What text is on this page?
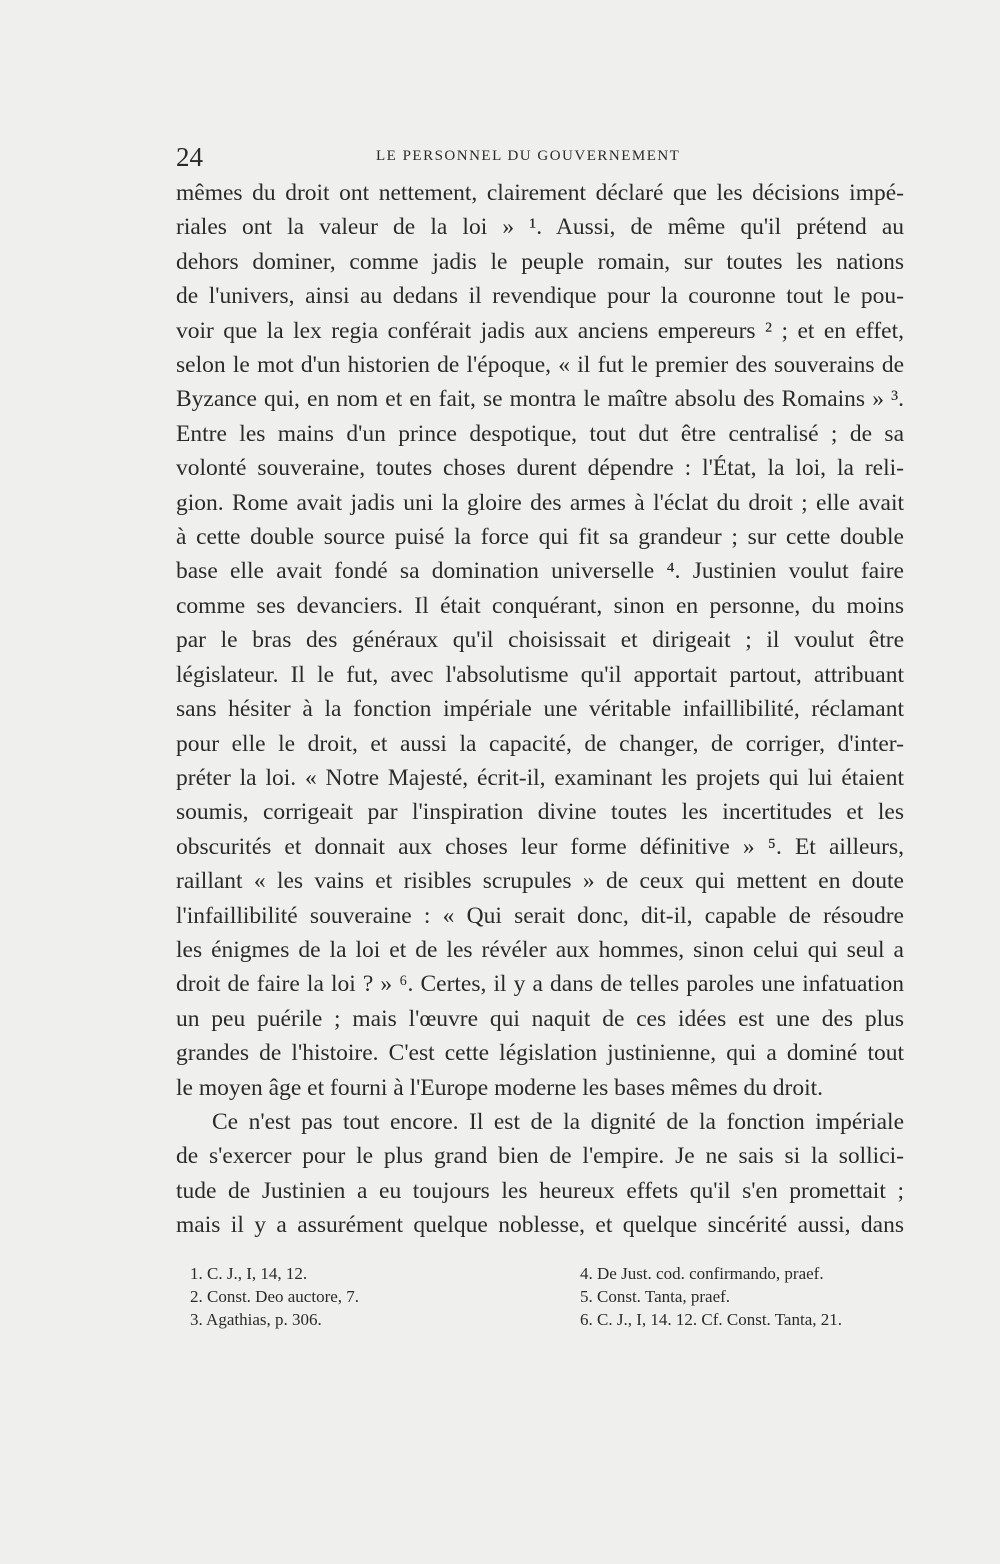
24	LE PERSONNEL DU GOUVERNEMENT

mêmes du droit ont nettement, clairement déclaré que les décisions impé-

riales ont la valeur de la loi » ¹. Aussi, de même qu'il prétend au

dehors dominer, comme jadis le peuple romain, sur toutes les nations

de l'univers, ainsi au dedans il revendique pour la couronne tout le pou-

voir que la lex regia conférait jadis aux anciens empereurs ² ; et en effet,

selon le mot d'un historien de l'époque, « il fut le premier des souverains de

Byzance qui, en nom et en fait, se montra le maître absolu des Romains » ³.

Entre les mains d'un prince despotique, tout dut être centralisé ; de sa

volonté souveraine, toutes choses durent dépendre : l'État, la loi, la reli-

gion. Rome avait jadis uni la gloire des armes à l'éclat du droit ; elle avait

à cette double source puisé la force qui fit sa grandeur ; sur cette double

base elle avait fondé sa domination universelle ⁴. Justinien voulut faire

comme ses devanciers. Il était conquérant, sinon en personne, du moins

par le bras des généraux qu'il choisissait et dirigeait ; il voulut être

législateur. Il le fut, avec l'absolutisme qu'il apportait partout, attribuant

sans hésiter à la fonction impériale une véritable infaillibilité, réclamant

pour elle le droit, et aussi la capacité, de changer, de corriger, d'inter-

préter la loi. « Notre Majesté, écrit-il, examinant les projets qui lui étaient

soumis, corrigeait par l'inspiration divine toutes les incertitudes et les

obscurités et donnait aux choses leur forme définitive » ⁵. Et ailleurs,

raillant « les vains et risibles scrupules » de ceux qui mettent en doute

l'infaillibilité souveraine : « Qui serait donc, dit-il, capable de résoudre

les énigmes de la loi et de les révéler aux hommes, sinon celui qui seul a

droit de faire la loi ? » ⁶. Certes, il y a dans de telles paroles une infatuation

un peu puérile ; mais l'œuvre qui naquit de ces idées est une des plus

grandes de l'histoire. C'est cette législation justinienne, qui a dominé tout

le moyen âge et fourni à l'Europe moderne les bases mêmes du droit.

Ce n'est pas tout encore. Il est de la dignité de la fonction impériale

de s'exercer pour le plus grand bien de l'empire. Je ne sais si la sollici-

tude de Justinien a eu toujours les heureux effets qu'il s'en promettait ;

mais il y a assurément quelque noblesse, et quelque sincérité aussi, dans

1. C. J., I, 14, 12.
2. Const. Deo auctore, 7.
3. Agathias, p. 306.
4. De Just. cod. confirmando, praef.
5. Const. Tanta, praef.
6. C. J., I, 14. 12. Cf. Const. Tanta, 21.
